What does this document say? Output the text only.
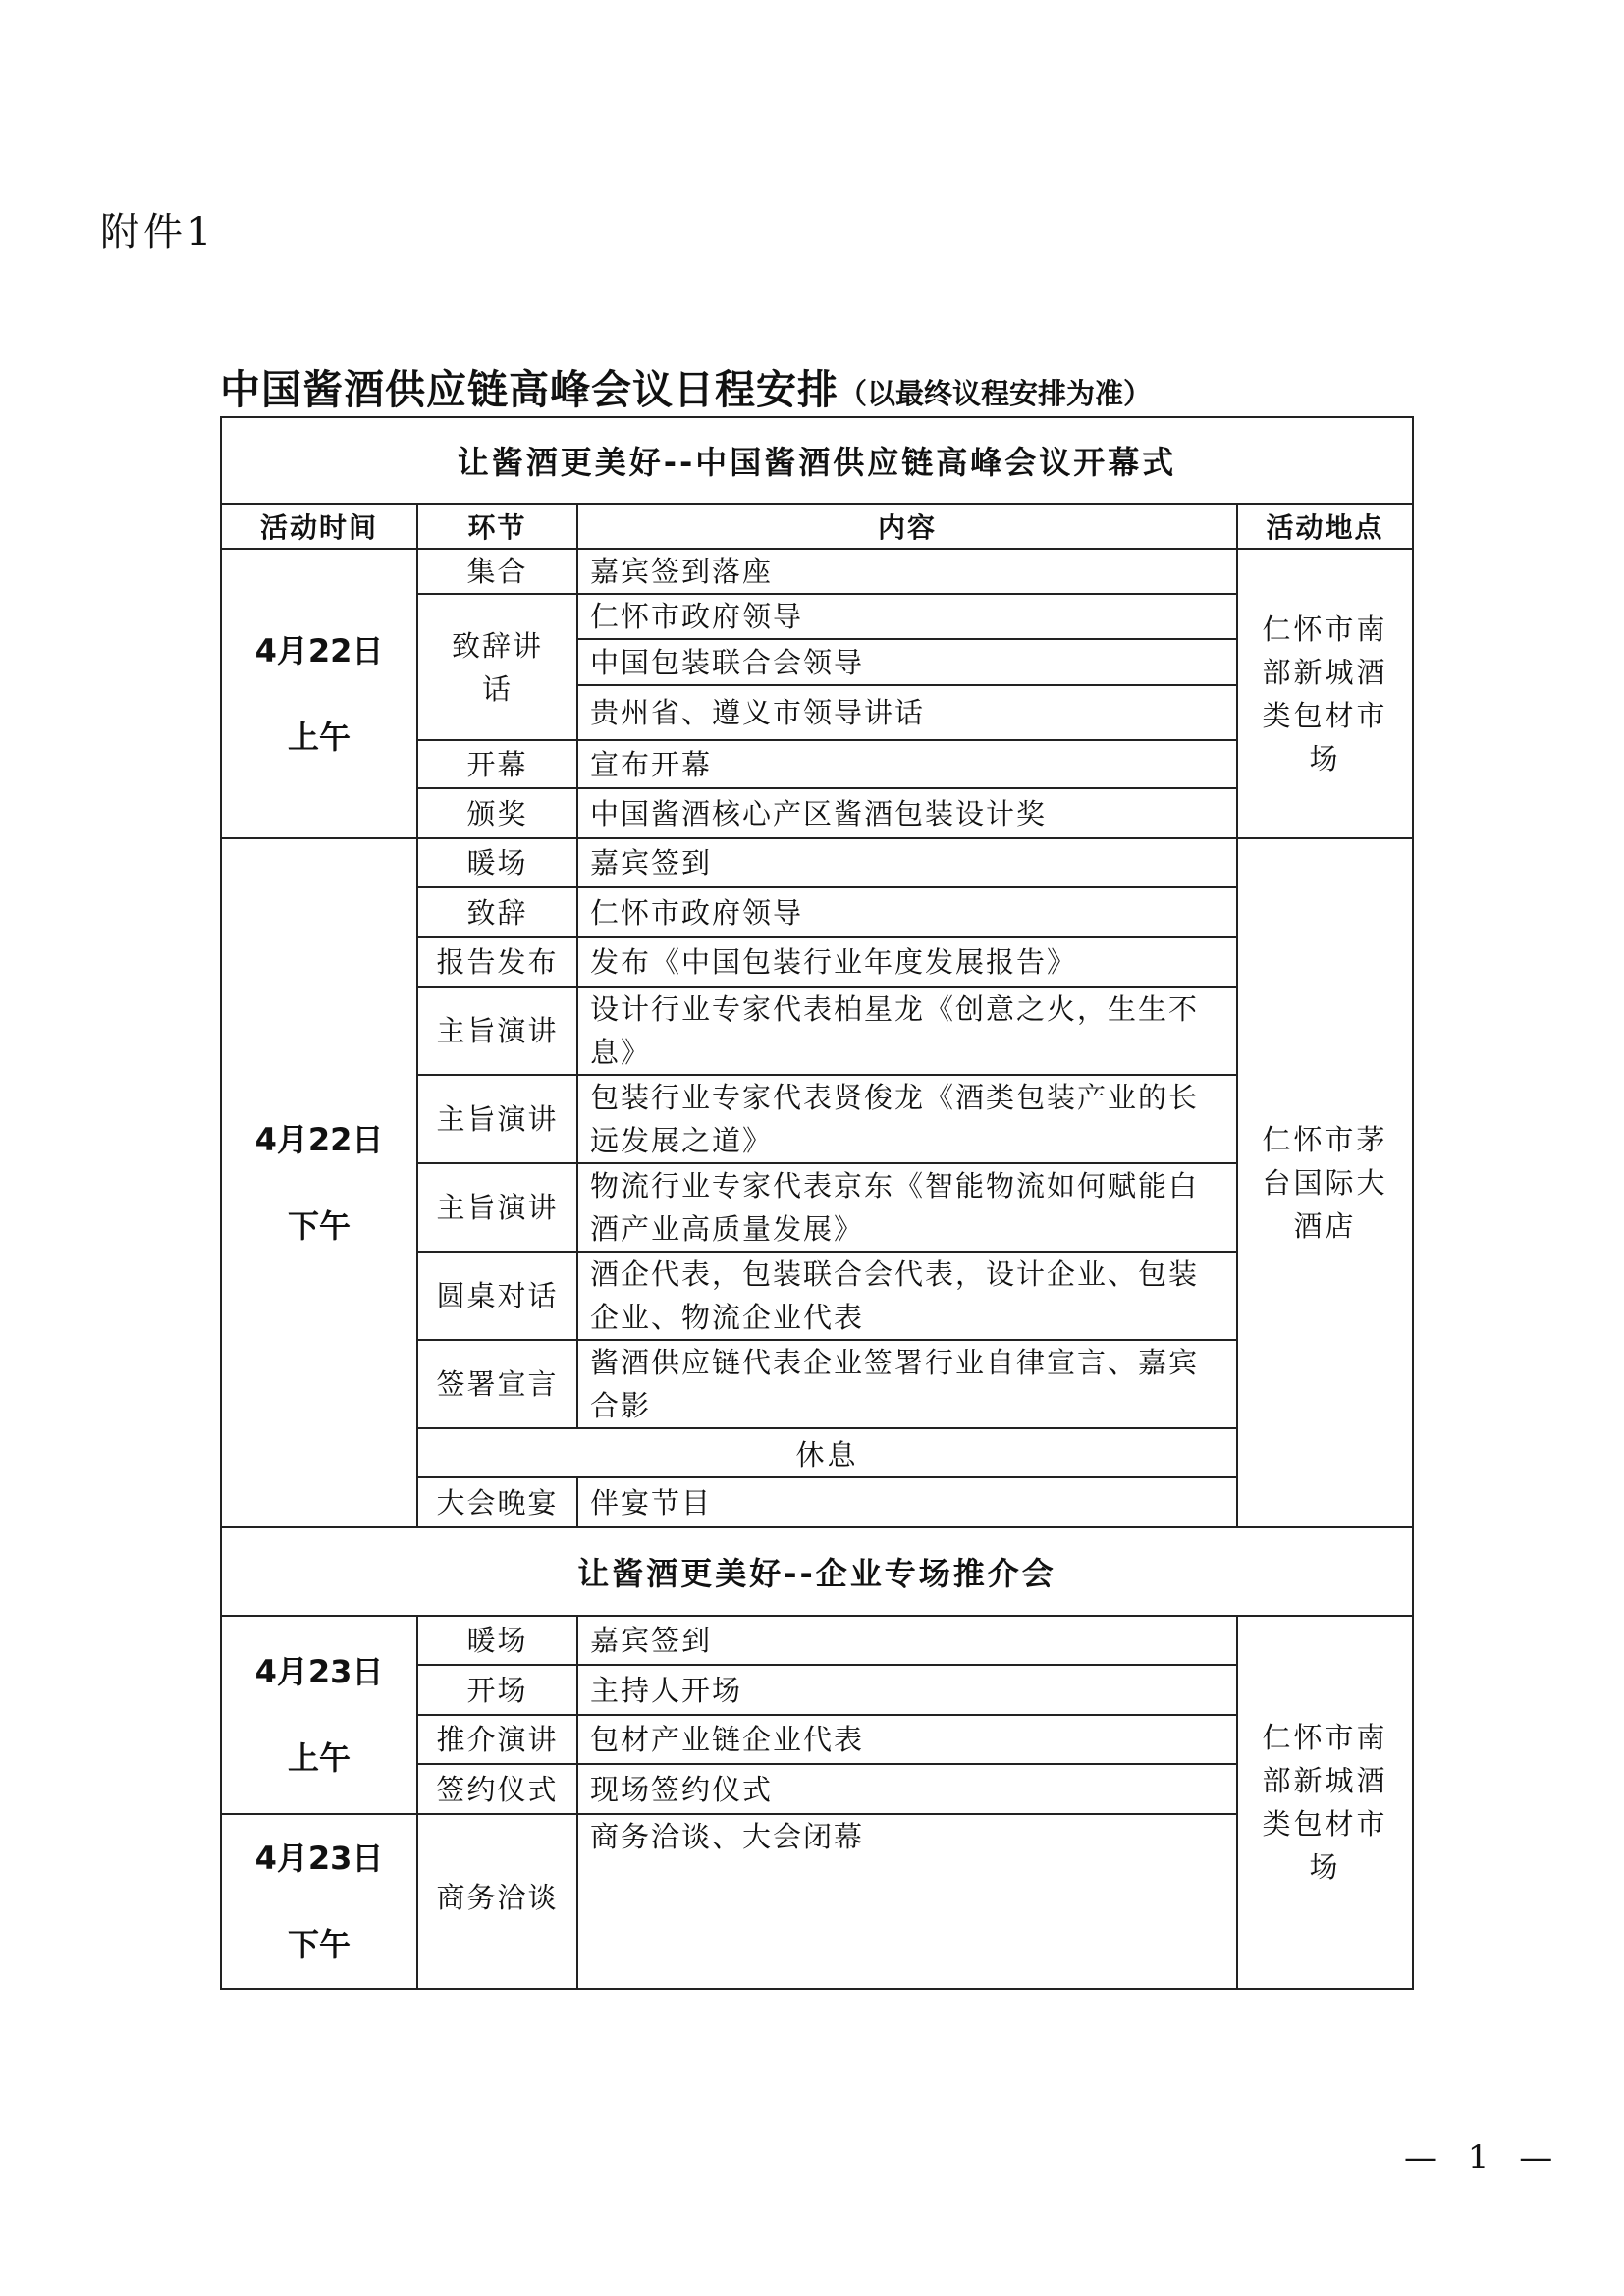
附件1
中国酱酒供应链高峰会议日程安排（以最终议程安排为准）
让酱酒更美好--中国酱酒供应链高峰会议开幕式			
活动时间	环节	内容	活动地点

4月22日
上午	集合	嘉宾签到落座	仁怀市南部新城酒类包材市场
	致辞讲话	仁怀市政府领导	
		中国包装联合会领导	
		贵州省、遵义市领导讲话	
	开幕	宣布开幕	
	颁奖	中国酱酒核心产区酱酒包装设计奖	

4月22日
下午	暖场	嘉宾签到	仁怀市茅台国际大酒店
	致辞	仁怀市政府领导	
	报告发布	发布《中国包装行业年度发展报告》	
	主旨演讲	设计行业专家代表柏星龙《创意之火，生生不息》	
	主旨演讲	包装行业专家代表贤俊龙《酒类包装产业的长远发展之道》	
	主旨演讲	物流行业专家代表京东《智能物流如何赋能白酒产业高质量发展》	
	圆桌对话	酒企代表，包装联合会代表，设计企业、包装企业、物流企业代表	
	签署宣言	酱酒供应链代表企业签署行业自律宣言、嘉宾合影	
	休息		
	大会晚宴	伴宴节目	
让酱酒更美好--企业专场推介会			

4月23日
上午	暖场	嘉宾签到	仁怀市南部新城酒类包材市场
	开场	主持人开场	
	推介演讲	包材产业链企业代表	
	签约仪式	现场签约仪式	

4月23日
下午	商务洽谈	商务洽谈、大会闭幕	
— 1 —
